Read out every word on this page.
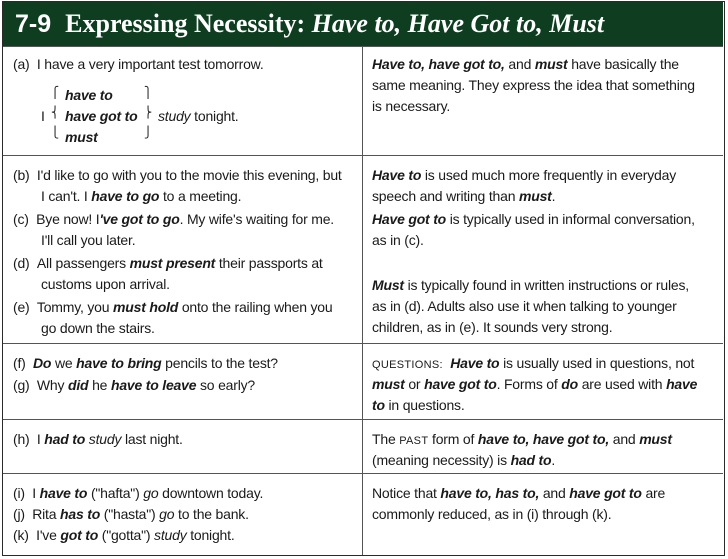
7-9 Expressing Necessity: Have to, Have Got to, Must
(a) I have a very important test tomorrow.
I
⎧
⎨
⎩
have to
have got to
must
⎫
⎬
⎭
study tonight.
Have to, have got to, and must have basically the
same meaning. They express the idea that something
is necessary.
(b) I'd like to go with you to the movie this evening, but
I can't. I have to go to a meeting.
(c) Bye now! I've got to go. My wife's waiting for me.
I'll call you later.
(d) All passengers must present their passports at
customs upon arrival.
(e) Tommy, you must hold onto the railing when you
go down the stairs.
Have to is used much more frequently in everyday
speech and writing than must.
Have got to is typically used in informal conversation,
as in (c).
Must is typically found in written instructions or rules,
as in (d). Adults also use it when talking to younger
children, as in (e). It sounds very strong.
(f) Do we have to bring pencils to the test?
(g) Why did he have to leave so early?
QUESTIONS: Have to is usually used in questions, not
must or have got to. Forms of do are used with have
to in questions.
(h) I had to study last night.	The PAST form of have to, have got to, and must
(meaning necessity) is had to.
(i) I have to ("hafta") go downtown today.
(j) Rita has to ("hasta") go to the bank.
(k) I've got to ("gotta") study tonight.
Notice that have to, has to, and have got to are
commonly reduced, as in (i) through (k).
